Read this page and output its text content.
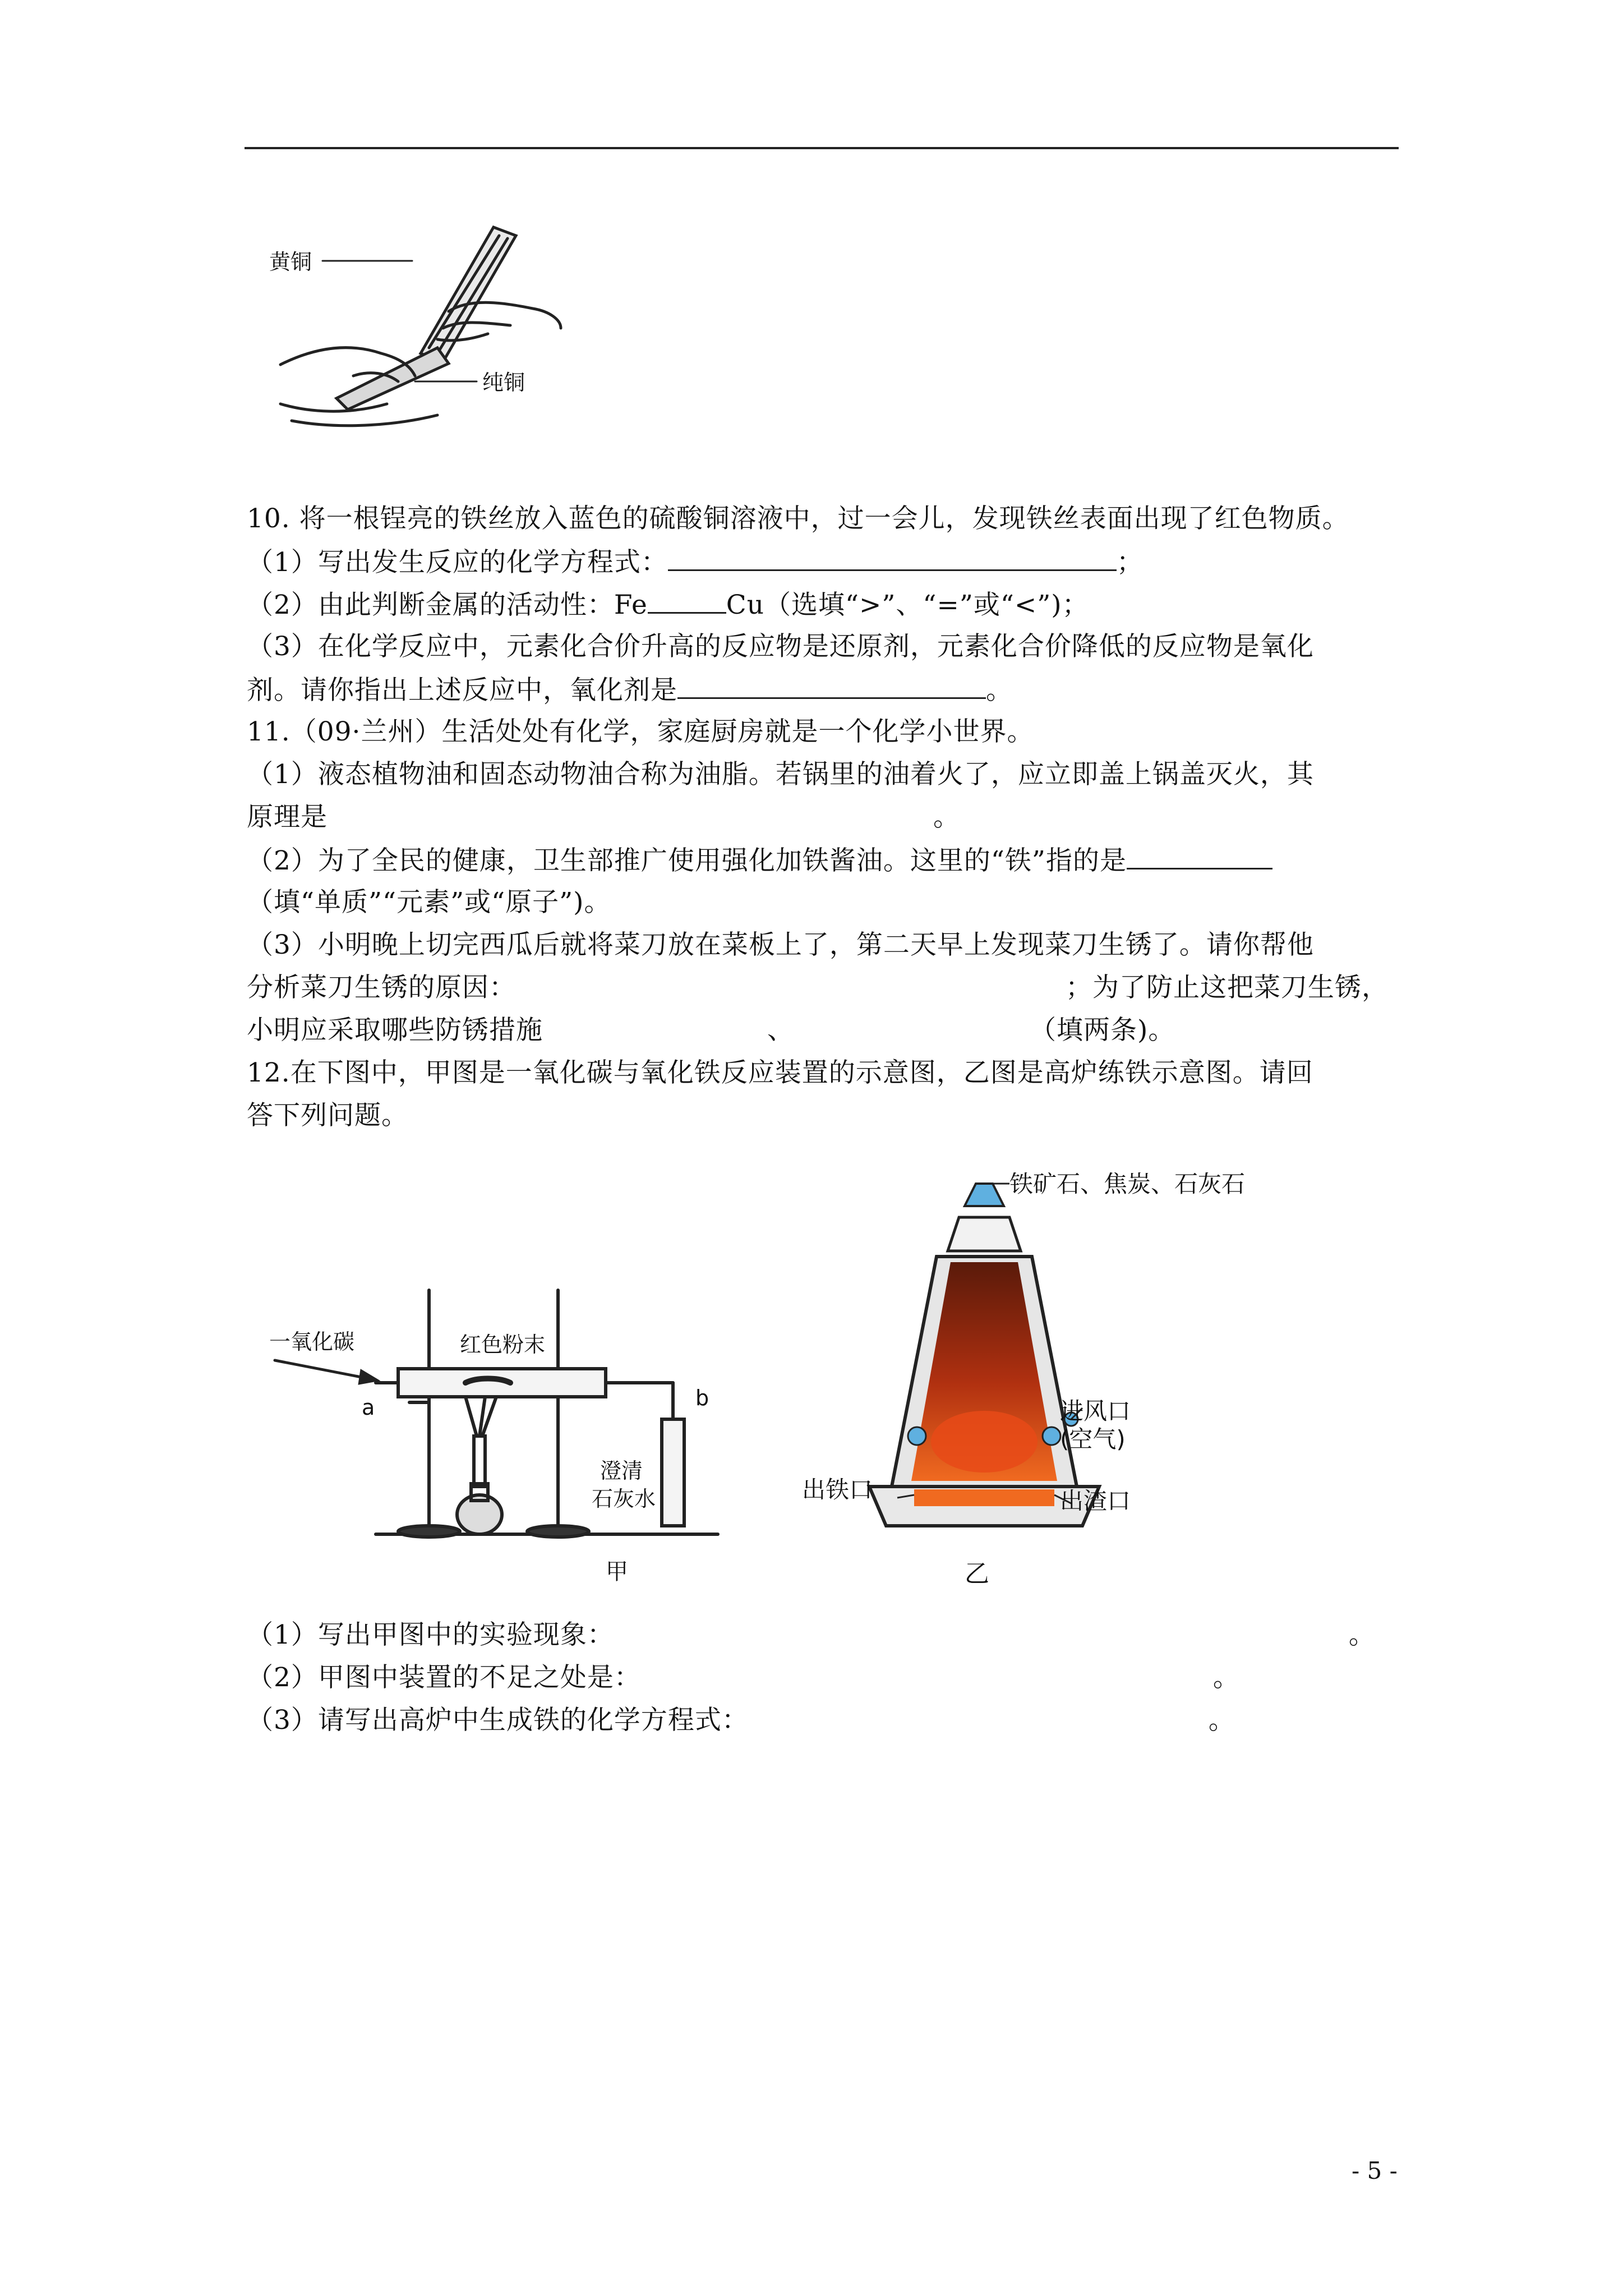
黄铜
纯铜
10. 将一根锃亮的铁丝放入蓝色的硫酸铜溶液中，过一会儿，发现铁丝表面出现了红色物质。
（1）写出发生反应的化学方程式：	；
（2）由此判断金属的活动性：Fe	Cu（选填“>”、“=”或“<”)；
（3）在化学反应中，元素化合价升高的反应物是还原剂，元素化合价降低的反应物是氧化
剂。请你指出上述反应中，氧化剂是	。
11.（09·兰州）生活处处有化学，家庭厨房就是一个化学小世界。
（1）液态植物油和固态动物油合称为油脂。若锅里的油着火了，应立即盖上锅盖灭火，其
原理是	。
（2）为了全民的健康，卫生部推广使用强化加铁酱油。这里的“铁”指的是
（填“单质”“元素”或“原子”)。
（3）小明晚上切完西瓜后就将菜刀放在菜板上了，第二天早上发现菜刀生锈了。请你帮他
分析菜刀生锈的原因：	；为了防止这把菜刀生锈，
小明应采取哪些防锈措施	、	（填两条)。
12.在下图中，甲图是一氧化碳与氧化铁反应装置的示意图，乙图是高炉练铁示意图。请回
答下列问题。
一氧化碳
a
红色粉末
b
澄清
石灰水
甲
铁矿石、焦炭、石灰石
进风口
(空气)
出铁口	出渣口
乙
（1）写出甲图中的实验现象：	。
（2）甲图中装置的不足之处是：	。
（3）请写出高炉中生成铁的化学方程式：	。
- 5 -
